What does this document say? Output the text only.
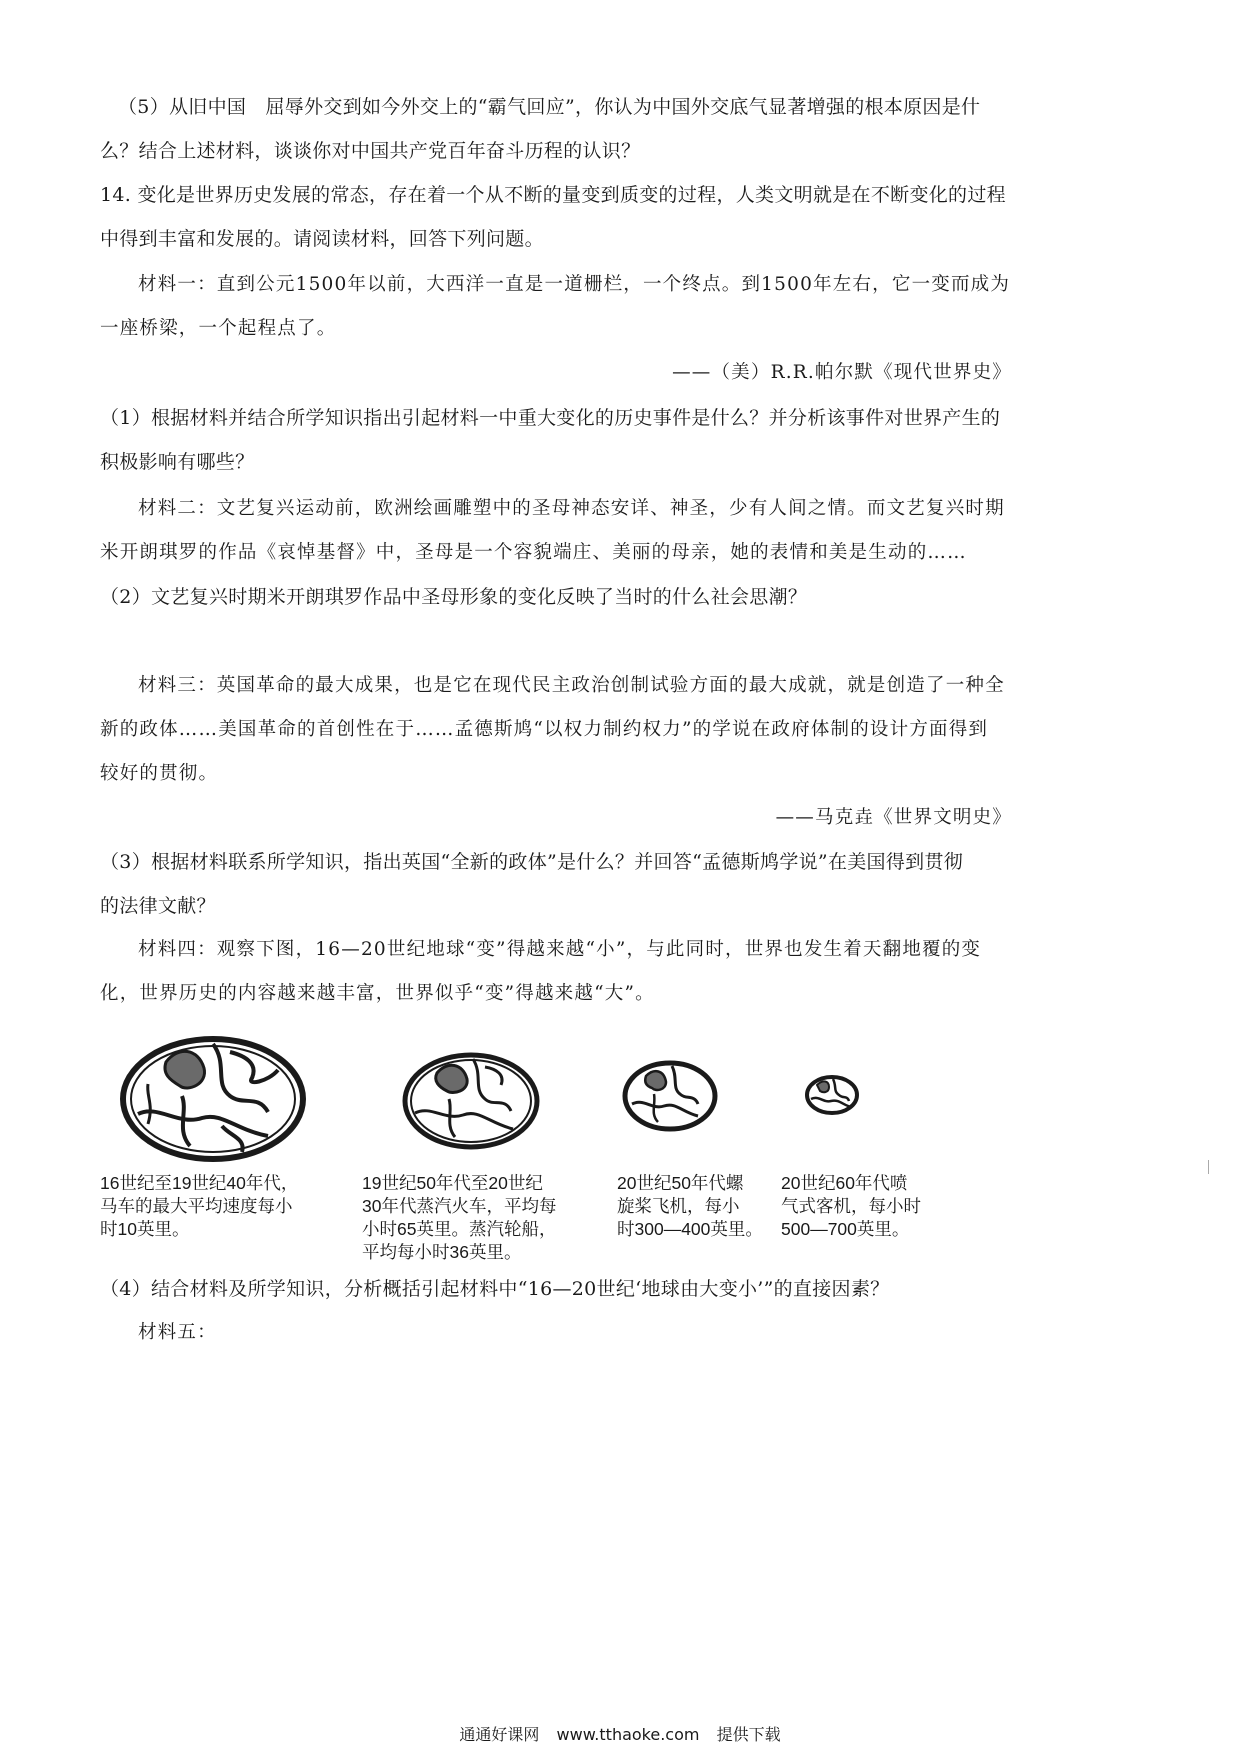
（5）从旧中国　屈辱外交到如今外交上的“霸气回应”，你认为中国外交底气显著增强的根本原因是什
么？结合上述材料，谈谈你对中国共产党百年奋斗历程的认识？
14. 变化是世界历史发展的常态，存在着一个从不断的量变到质变的过程，人类文明就是在不断变化的过程
中得到丰富和发展的。请阅读材料，回答下列问题。
材料一：直到公元1500年以前，大西洋一直是一道栅栏，一个终点。到1500年左右，它一变而成为
一座桥梁，一个起程点了。
——（美）R.R.帕尔默《现代世界史》
（1）根据材料并结合所学知识指出引起材料一中重大变化的历史事件是什么？并分析该事件对世界产生的
积极影响有哪些？
材料二：文艺复兴运动前，欧洲绘画雕塑中的圣母神态安详、神圣，少有人间之情。而文艺复兴时期
米开朗琪罗的作品《哀悼基督》中，圣母是一个容貌端庄、美丽的母亲，她的表情和美是生动的……
（2）文艺复兴时期米开朗琪罗作品中圣母形象的变化反映了当时的什么社会思潮？
材料三：英国革命的最大成果，也是它在现代民主政治创制试验方面的最大成就，就是创造了一种全
新的政体……美国革命的首创性在于……孟德斯鸠“以权力制约权力”的学说在政府体制的设计方面得到
较好的贯彻。
——马克垚《世界文明史》
（3）根据材料联系所学知识，指出英国“全新的政体”是什么？并回答“孟德斯鸠学说”在美国得到贯彻
的法律文献？
材料四：观察下图，16—20世纪地球“变”得越来越“小”，与此同时，世界也发生着天翻地覆的变
化，世界历史的内容越来越丰富，世界似乎“变”得越来越“大”。
16世纪至19世纪40年代，
马车的最大平均速度每小
时10英里。
19世纪50年代至20世纪
30年代蒸汽火车，平均每
小时65英里。蒸汽轮船，
平均每小时36英里。
20世纪50年代螺
旋桨飞机，每小
时300—400英里。
20世纪60年代喷
气式客机，每小时
500—700英里。
（4）结合材料及所学知识，分析概括引起材料中“16—20世纪‘地球由大变小’”的直接因素？
材料五：
通通好课网 www.tthaoke.com 提供下载
